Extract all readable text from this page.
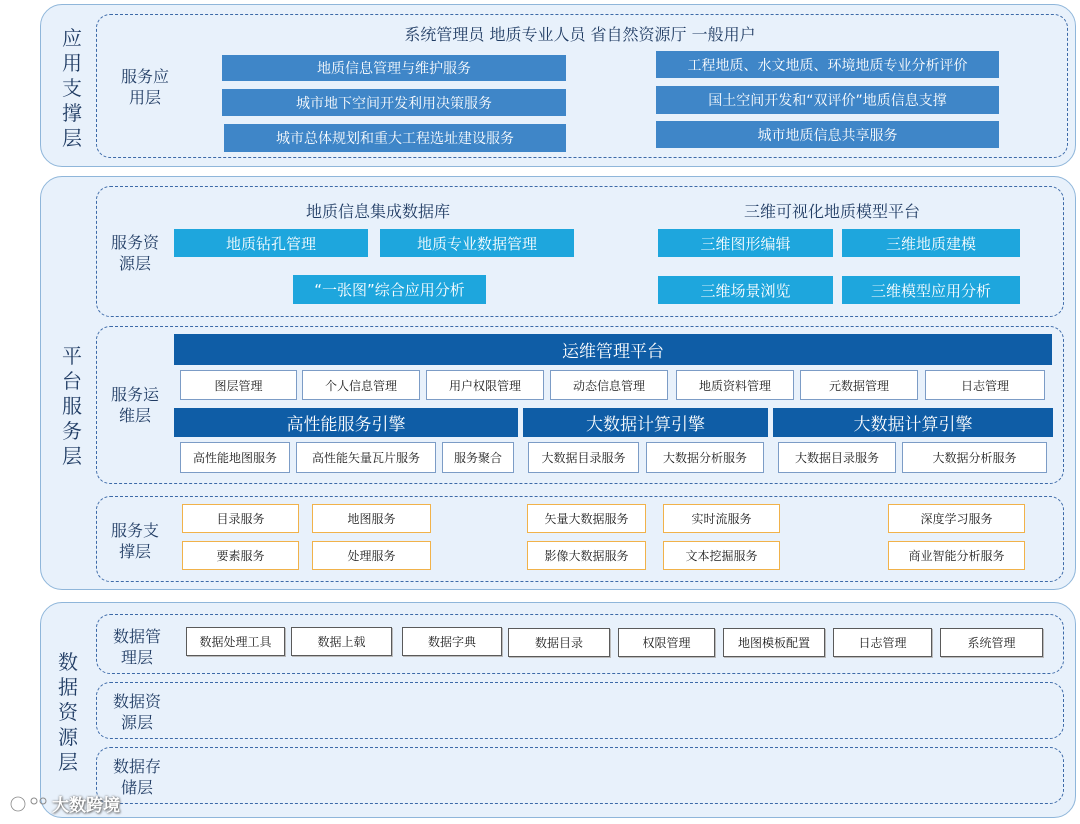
应用支撑层
服务应用层
系统管理员 地质专业人员 省自然资源厅 一般用户
地质信息管理与维护服务
城市地下空间开发利用决策服务
城市总体规划和重大工程选址建设服务
工程地质、水文地质、环境地质专业分析评价
国土空间开发和“双评价”地质信息支撑
城市地质信息共享服务
平台服务层
服务资源层
地质信息集成数据库	三维可视化地质模型平台
地质钻孔管理	地质专业数据管理
“一张图”综合应用分析
三维图形编辑	三维地质建模
三维场景浏览	三维模型应用分析
服务运维层
运维管理平台
图层管理	个人信息管理	用户权限管理	动态信息管理	地质资料管理	元数据管理	日志管理
高性能服务引擎	大数据计算引擎	大数据计算引擎
高性能地图服务	高性能矢量瓦片服务	服务聚合	大数据目录服务	大数据分析服务	大数据目录服务	大数据分析服务
服务支撑层
目录服务	地图服务
要素服务	处理服务
矢量大数据服务	实时流服务
影像大数据服务	文本挖掘服务
深度学习服务
商业智能分析服务
数据资源层
数据管理层
数据处理工具	数据上载	数据字典	数据目录	权限管理	地图模板配置	日志管理	系统管理
数据资源层
数据存储层
大数跨境
